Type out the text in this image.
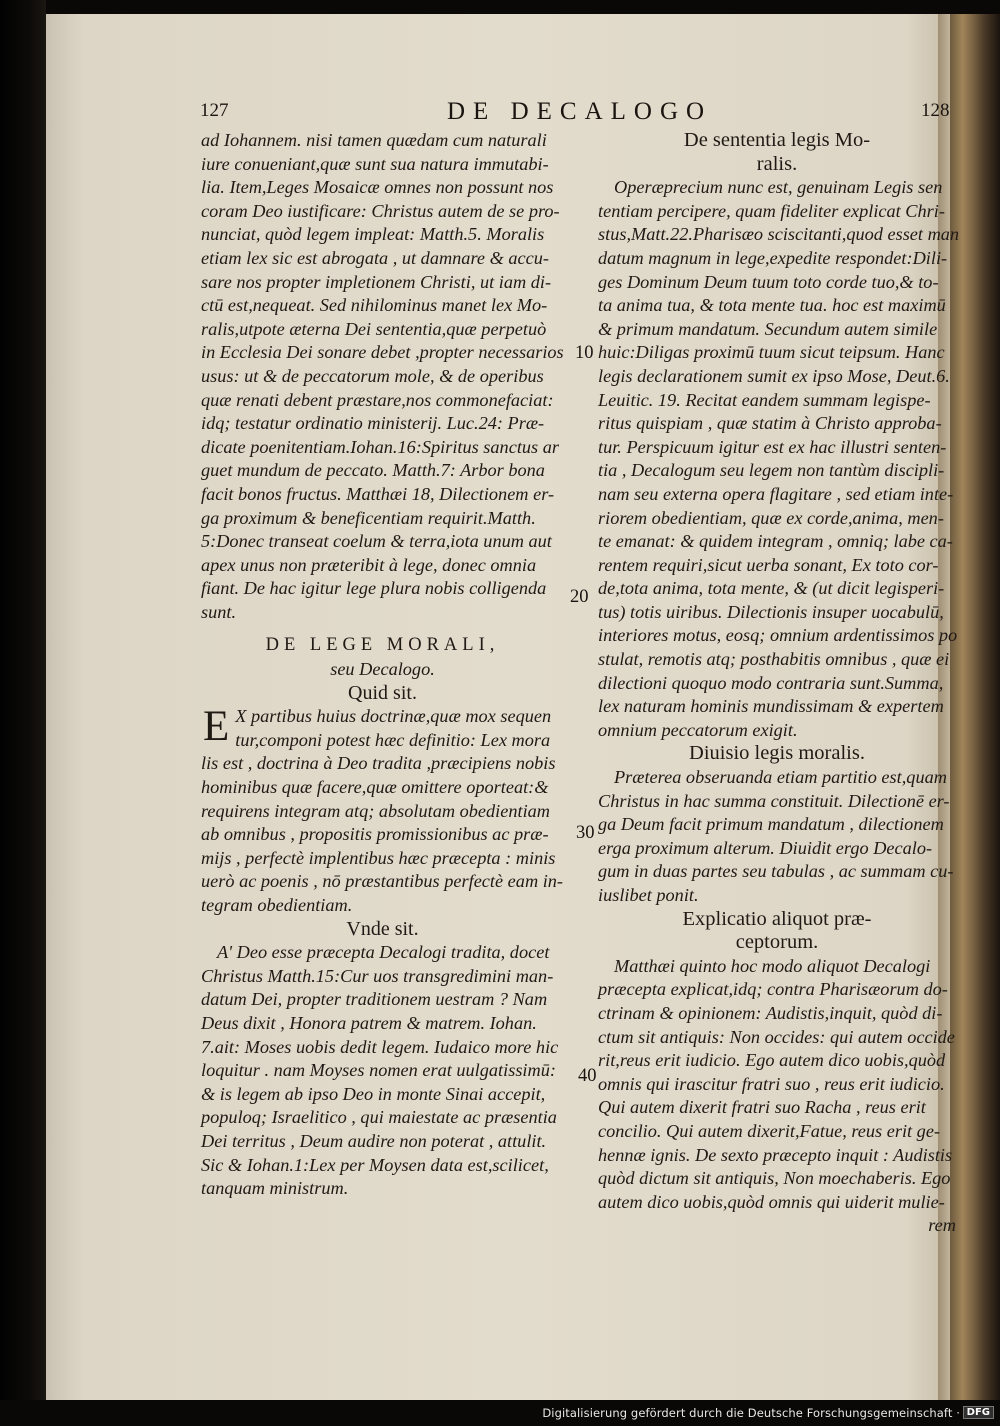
127	DE DECALOGO	128
ad Iohannem. nisi tamen quædam cum naturali
iure conueniant,quæ sunt sua natura immutabi-
lia. Item,Leges Mosaicæ omnes non possunt nos
coram Deo iustificare: Christus autem de se pro-
nunciat, quòd legem impleat: Matth.5. Moralis
etiam lex sic est abrogata , ut damnare & accu-
sare nos propter impletionem Christi, ut iam di-
ctū est,nequeat. Sed nihilominus manet lex Mo-
ralis,utpote æterna Dei sententia,quæ perpetuò
in Ecclesia Dei sonare debet ,propter necessarios
usus: ut & de peccatorum mole, & de operibus
quæ renati debent præstare,nos commonefaciat:
idq; testatur ordinatio ministerij. Luc.24: Præ-
dicate poenitentiam.Iohan.16:Spiritus sanctus ar
guet mundum de peccato. Matth.7: Arbor bona
facit bonos fructus. Matthæi 18, Dilectionem er-
ga proximum & beneficentiam requirit.Matth.
5:Donec transeat coelum & terra,iota unum aut
apex unus non præteribit à lege, donec omnia
fiant. De hac igitur lege plura nobis colligenda
sunt.
DE LEGE MORALI,
seu Decalogo.
Quid sit.
E X partibus huius doctrinæ,quæ mox sequen
tur,componi potest hæc definitio: Lex mora
lis est , doctrina à Deo tradita ,præcipiens nobis
hominibus quæ facere,quæ omittere oporteat:&
requirens integram atq; absolutam obedientiam
ab omnibus , propositis promissionibus ac præ-
mijs , perfectè implentibus hæc præcepta : minis
uerò ac poenis , nō præstantibus perfectè eam in-
tegram obedientiam.
Vnde sit.
A' Deo esse præcepta Decalogi tradita, docet
Christus Matth.15:Cur uos transgredimini man-
datum Dei, propter traditionem uestram ? Nam
Deus dixit , Honora patrem & matrem. Iohan.
7.ait: Moses uobis dedit legem. Iudaico more hic
loquitur . nam Moyses nomen erat uulgatissimū:
& is legem ab ipso Deo in monte Sinai accepit,
populoq; Israelitico , qui maiestate ac præsentia
Dei territus , Deum audire non poterat , attulit.
Sic & Iohan.1:Lex per Moysen data est,scilicet,
tanquam ministrum.
10
20
30
40
De sententia legis Mo-
ralis.
Operæprecium nunc est, genuinam Legis sen
tentiam percipere, quam fideliter explicat Chri-
stus,Matt.22.Pharisæo sciscitanti,quod esset man
datum magnum in lege,expedite respondet:Dili-
ges Dominum Deum tuum toto corde tuo,& to-
ta anima tua, & tota mente tua. hoc est maximū
& primum mandatum. Secundum autem simile
huic:Diligas proximū tuum sicut teipsum. Hanc
legis declarationem sumit ex ipso Mose, Deut.6.
Leuitic. 19. Recitat eandem summam legispe-
ritus quispiam , quæ statim à Christo approba-
tur. Perspicuum igitur est ex hac illustri senten-
tia , Decalogum seu legem non tantùm discipli-
nam seu externa opera flagitare , sed etiam inte-
riorem obedientiam, quæ ex corde,anima, men-
te emanat: & quidem integram , omniq; labe ca-
rentem requiri,sicut uerba sonant, Ex toto cor-
de,tota anima, tota mente, & (ut dicit legisperi-
tus) totis uiribus. Dilectionis insuper uocabulū,
interiores motus, eosq; omnium ardentissimos po
stulat, remotis atq; posthabitis omnibus , quæ ei
dilectioni quoquo modo contraria sunt.Summa,
lex naturam hominis mundissimam & expertem
omnium peccatorum exigit.
Diuisio legis moralis.
Præterea obseruanda etiam partitio est,quam
Christus in hac summa constituit. Dilectionē er-
ga Deum facit primum mandatum , dilectionem
erga proximum alterum. Diuidit ergo Decalo-
gum in duas partes seu tabulas , ac summam cu-
iuslibet ponit.
Explicatio aliquot præ-
ceptorum.
Matthæi quinto hoc modo aliquot Decalogi
præcepta explicat,idq; contra Pharisæorum do-
ctrinam & opinionem: Audistis,inquit, quòd di-
ctum sit antiquis: Non occides: qui autem occide
rit,reus erit iudicio. Ego autem dico uobis,quòd
omnis qui irascitur fratri suo , reus erit iudicio.
Qui autem dixerit fratri suo Racha , reus erit
concilio. Qui autem dixerit,Fatue, reus erit ge-
hennæ ignis. De sexto præcepto inquit : Audistis
quòd dictum sit antiquis, Non moechaberis. Ego
autem dico uobis,quòd omnis qui uiderit mulie-
rem
Digitalisierung gefördert durch die Deutsche Forschungsgemeinschaft · DFG
